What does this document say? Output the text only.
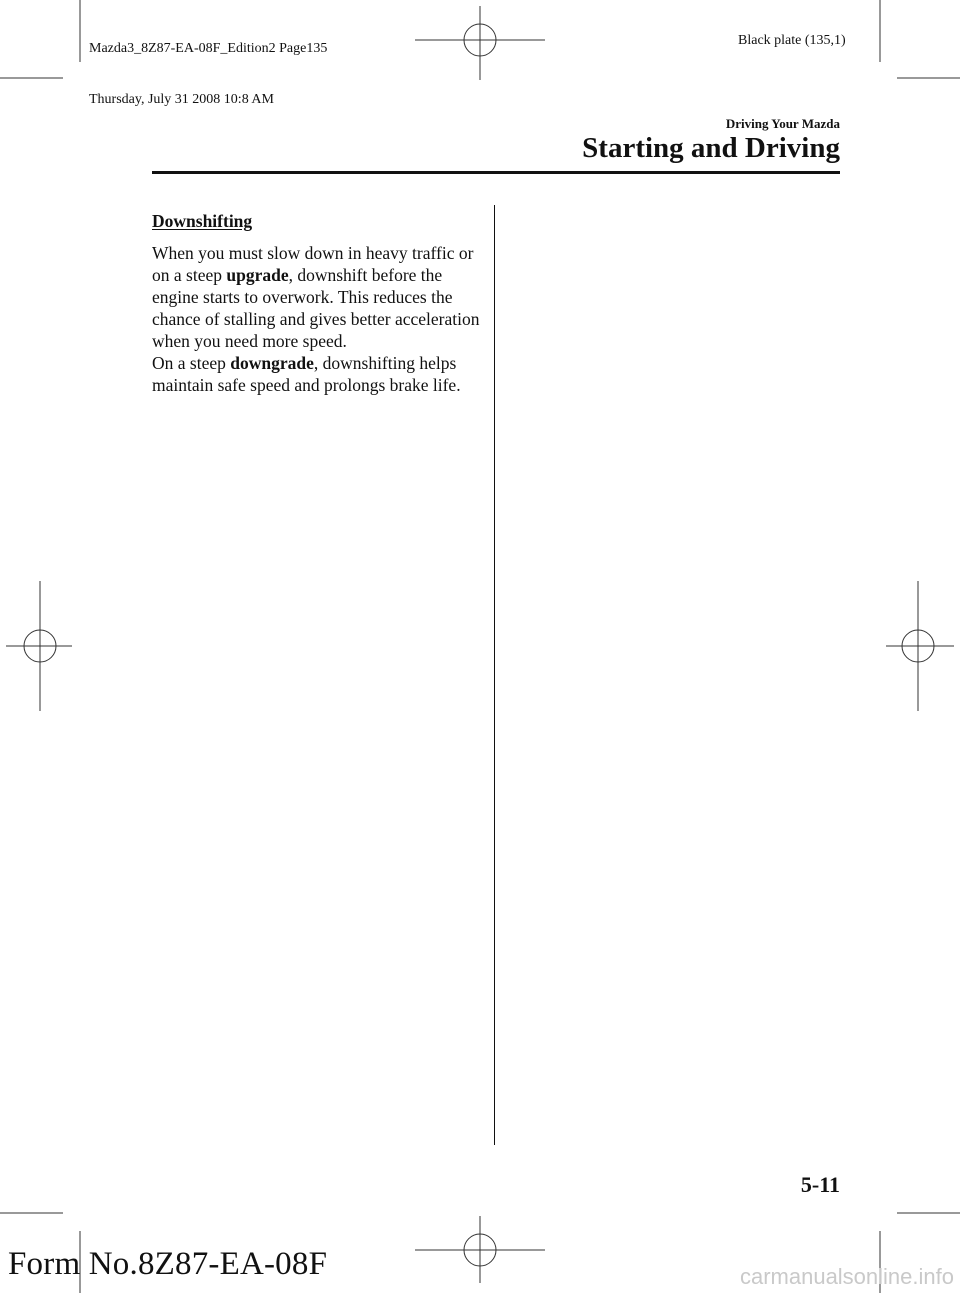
Mazda3_8Z87-EA-08F_Edition2 Page135

Thursday, July 31 2008 10:8 AM

Black plate (135,1)
Driving Your Mazda
Starting and Driving
Downshifting

When you must slow down in heavy traffic or on a steep upgrade, downshift before the engine starts to overwork. This reduces the chance of stalling and gives better acceleration when you need more speed.

On a steep downgrade, downshifting helps maintain safe speed and prolongs brake life.

5-11
Form No.8Z87-EA-08F	carmanualsonline.info
